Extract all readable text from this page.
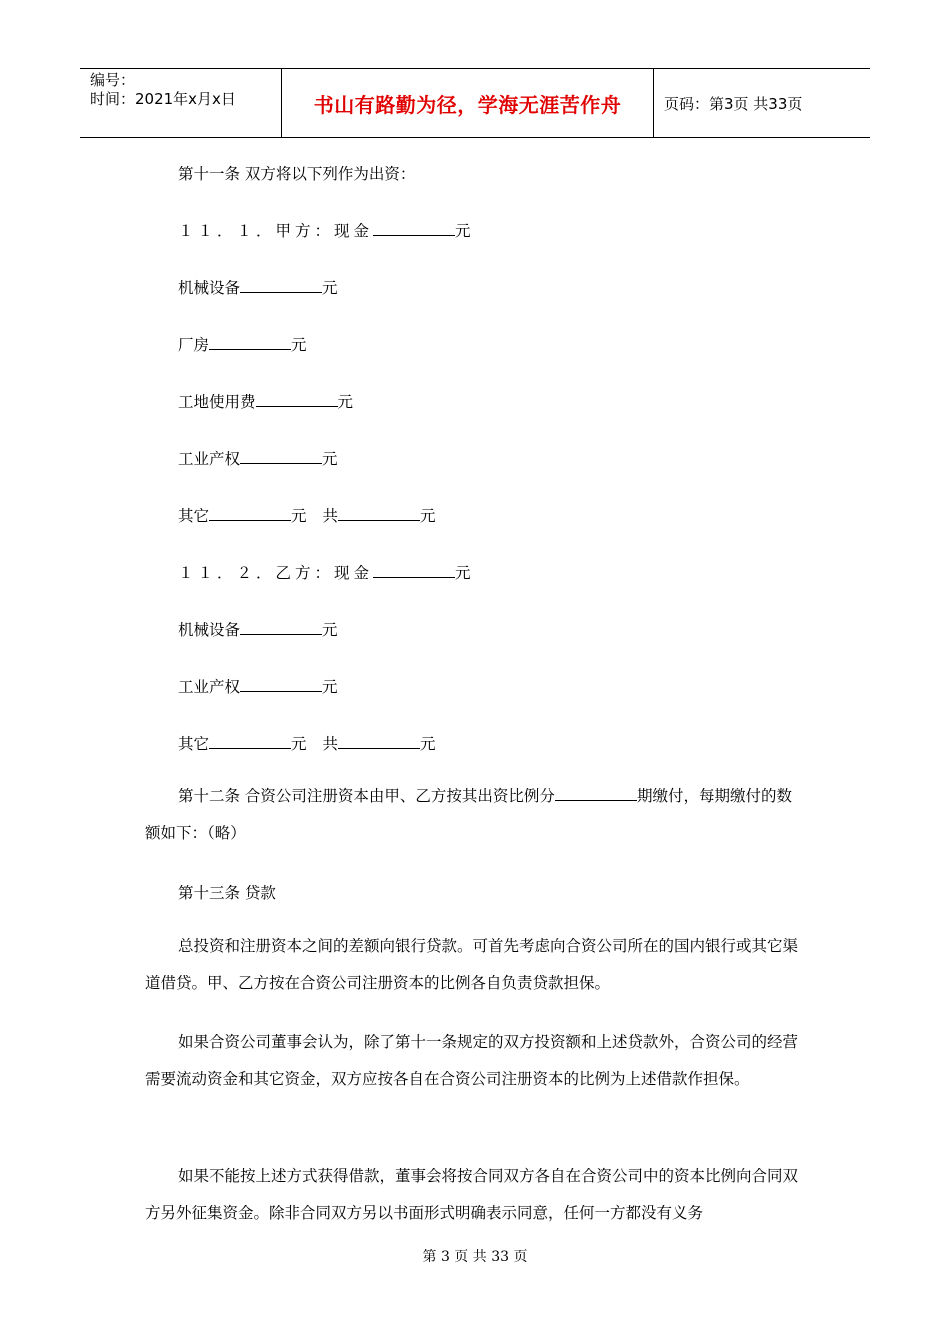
编号：
时间：2021年x月x日	书山有路勤为径，学海无涯苦作舟	页码：第3页 共33页
第十一条 双方将以下列作为出资：
１１．１．甲方：现金	元
机械设备	元
厂房	元
工地使用费	元
工业产权	元
其它	元 共	元
１１．２．乙方：现金	元
机械设备	元
工业产权	元
其它	元 共	元
第十二条 合资公司注册资本由甲、乙方按其出资比例分	期缴付，每期缴付的数额如下：（略）
第十三条 贷款
总投资和注册资本之间的差额向银行贷款。可首先考虑向合资公司所在的国内银行或其它渠道借贷。甲、乙方按在合资公司注册资本的比例各自负责贷款担保。
如果合资公司董事会认为，除了第十一条规定的双方投资额和上述贷款外，合资公司的经营需要流动资金和其它资金，双方应按各自在合资公司注册资本的比例为上述借款作担保。
如果不能按上述方式获得借款，董事会将按合同双方各自在合资公司中的资本比例向合同双方另外征集资金。除非合同双方另以书面形式明确表示同意，任何一方都没有义务
第 3 页 共 33 页
